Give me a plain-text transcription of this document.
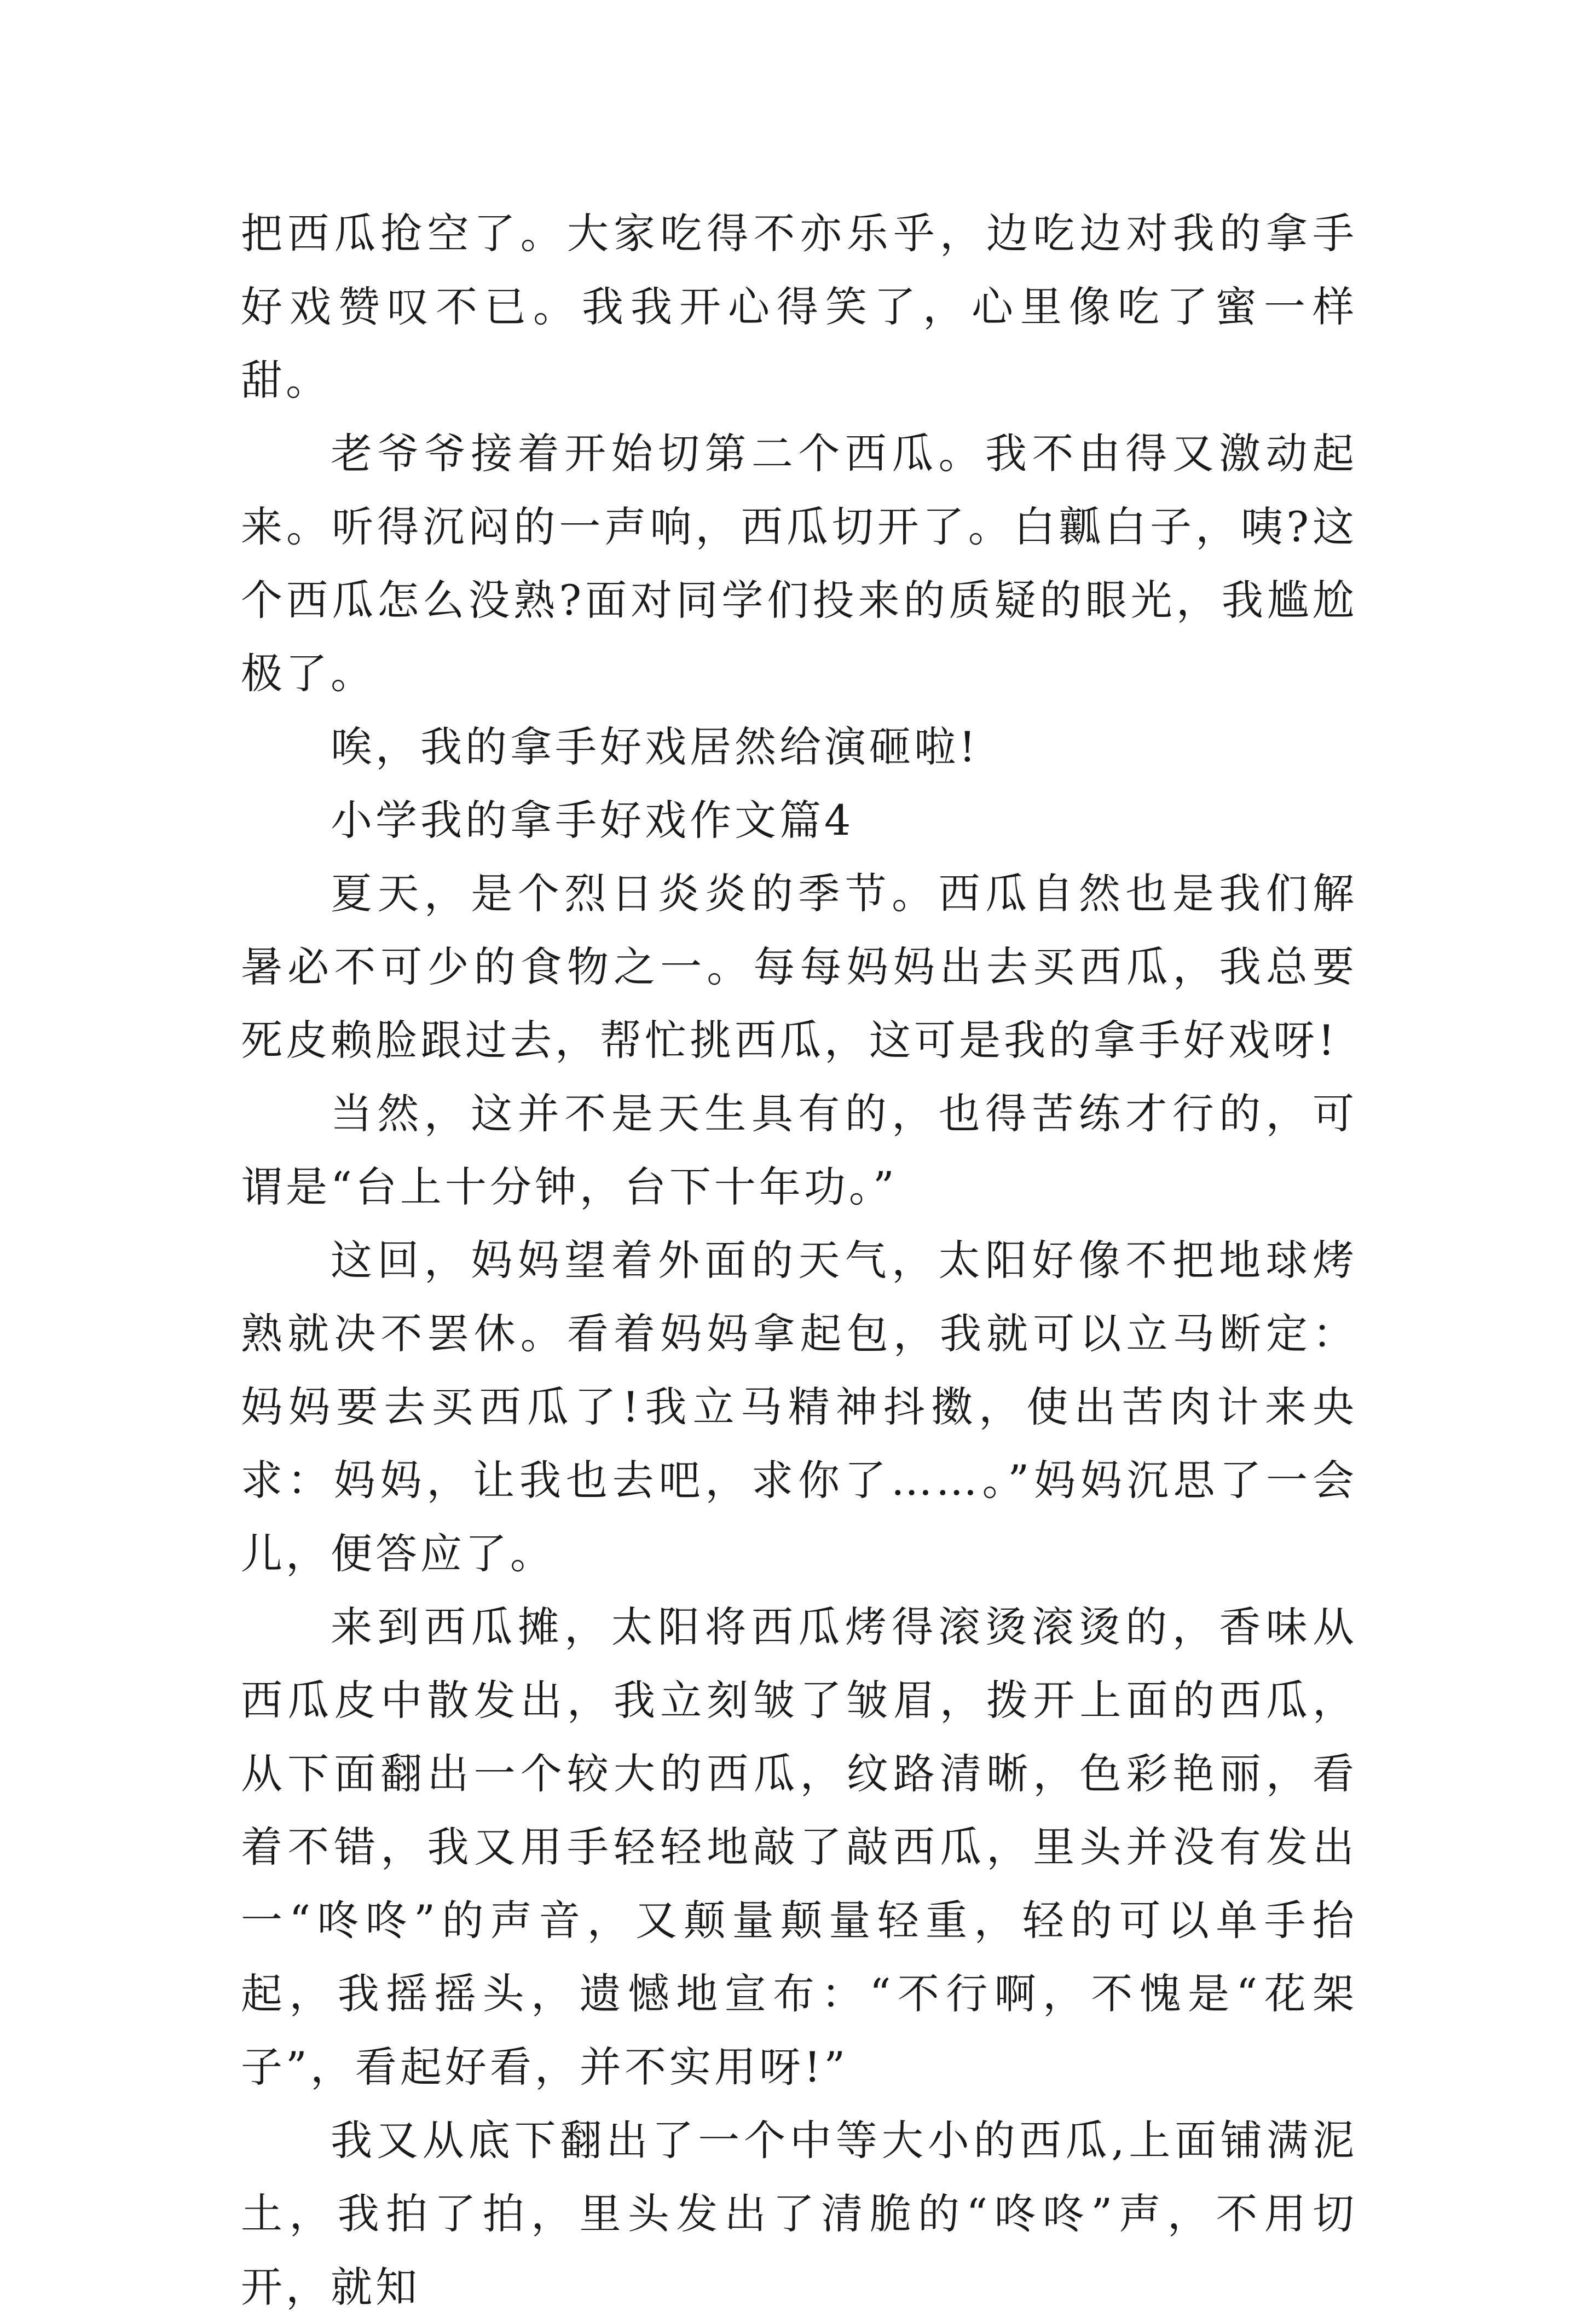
把西瓜抢空了。大家吃得不亦乐乎，边吃边对我的拿手好戏赞叹不已。我我开心得笑了，心里像吃了蜜一样甜。

老爷爷接着开始切第二个西瓜。我不由得又激动起来。听得沉闷的一声响，西瓜切开了。白瓤白子，咦?这个西瓜怎么没熟?面对同学们投来的质疑的眼光，我尴尬极了。

唉，我的拿手好戏居然给演砸啦!

小学我的拿手好戏作文篇4

夏天，是个烈日炎炎的季节。西瓜自然也是我们解暑必不可少的食物之一。每每妈妈出去买西瓜，我总要死皮赖脸跟过去，帮忙挑西瓜，这可是我的拿手好戏呀!

当然，这并不是天生具有的，也得苦练才行的，可谓是“台上十分钟，台下十年功。”

这回，妈妈望着外面的天气，太阳好像不把地球烤熟就决不罢休。看着妈妈拿起包，我就可以立马断定：妈妈要去买西瓜了!我立马精神抖擞，使出苦肉计来央求：妈妈，让我也去吧，求你了……。”妈妈沉思了一会儿，便答应了。

来到西瓜摊，太阳将西瓜烤得滚烫滚烫的，香味从西瓜皮中散发出，我立刻皱了皱眉，拨开上面的西瓜，从下面翻出一个较大的西瓜，纹路清晰，色彩艳丽，看着不错，我又用手轻轻地敲了敲西瓜，里头并没有发出一“咚咚”的声音，又颠量颠量轻重，轻的可以单手抬起，我摇摇头，遗憾地宣布：“不行啊，不愧是“花架子”，看起好看，并不实用呀!”

我又从底下翻出了一个中等大小的西瓜,上面铺满泥土，我拍了拍，里头发出了清脆的“咚咚”声，不用切开，就知
